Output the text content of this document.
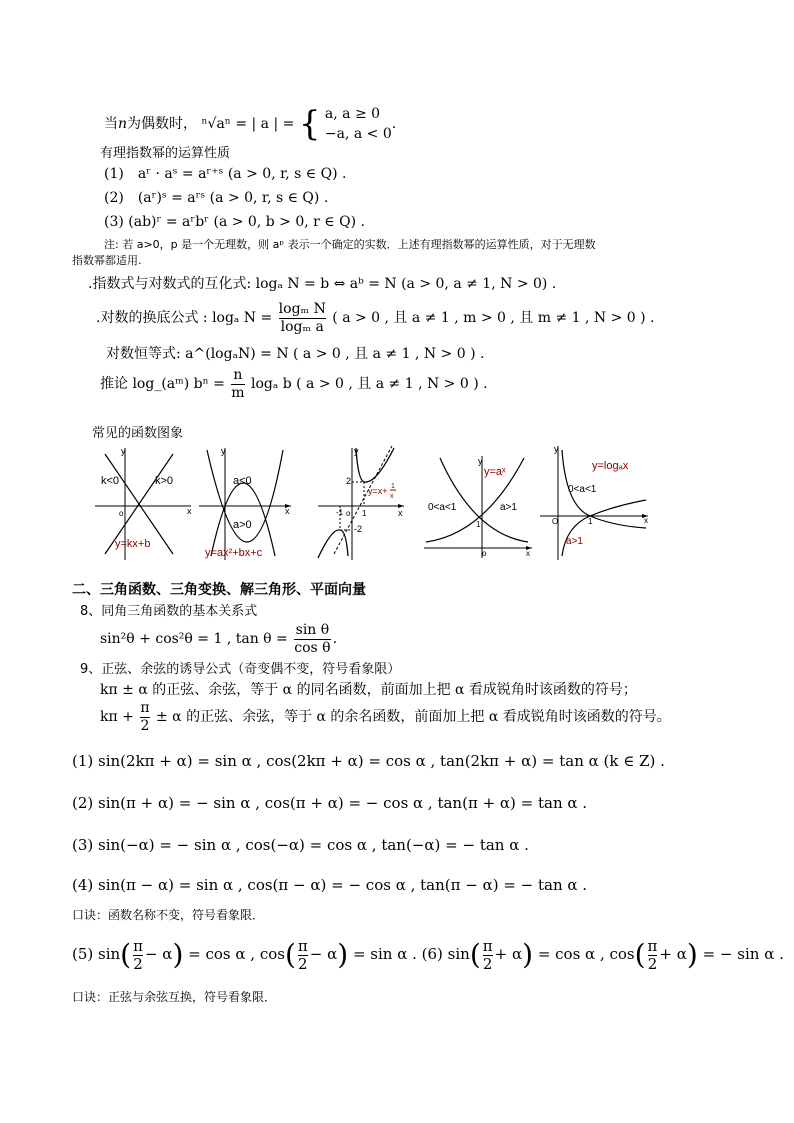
当n为偶数时， ⁿ√aⁿ = | a | = { a, a ≥ 0
−a, a < 0
.
有理指数幂的运算性质
(1)　aʳ · aˢ = aʳ⁺ˢ (a > 0, r, s ∈ Q) .
(2)　(aʳ)ˢ = aʳˢ (a > 0, r, s ∈ Q) .
(3) (ab)ʳ = aʳbʳ (a > 0, b > 0, r ∈ Q) .
注: 若 a>0，p 是一个无理数，则 aᵖ 表示一个确定的实数．上述有理指数幂的运算性质，对于无理数
指数幂都适用.
.指数式与对数式的互化式: logₐ N = b ⇔ aᵇ = N (a > 0, a ≠ 1, N > 0) .
.对数的换底公式 : logₐ $N = \frac{\text{logₘ N}}{\text{logₘ a}}$ ( a > 0 , 且 a ≠ 1 , m > 0 , 且 m ≠ 1 , N > 0 ) .
对数恒等式: a^(logₐN) = N ( a > 0 , 且 a ≠ 1 , N > 0 ) .
推论 log_(aᵐ) $b^n = \frac{n}{m}$ logₐ b ( a > 0 , 且 a ≠ 1 , N > 0 ) .
常见的函数图象
y
x
o
k<0	k>0
y=kx+b
y
x
a<0
a>0
y=ax²+bx+c
y
x
2
-2
-1 1
o
y=x+ 1
x
y
x
o
y=aˣ
0<a<1	a>1
1
y
x
O	1
y=logₐx
0<a<1
a>1
二、三角函数、三角变换、解三角形、平面向量
8、同角三角函数的基本关系式
sin²θ + cos²θ = 1 , $\tan \theta = \frac{\text{sin θ}}{\text{cos θ}}$ .
9、正弦、余弦的诱导公式（奇变偶不变，符号看象限）
kπ ± α 的正弦、余弦，等于 α 的同名函数，前面加上把 α 看成锐角时该函数的符号；
$k\pi + \frac{\pi}{2} \pm \alpha$ 的正弦、余弦，等于 α 的余名函数，前面加上把 α 看成锐角时该函数的符号。
(1) sin(2kπ + α) = sin α , cos(2kπ + α) = cos α , tan(2kπ + α) = tan α (k ∈ Z) .
(2) sin(π + α) = − sin α , cos(π + α) = − cos α , tan(π + α) = tan α .
(3) sin(−α) = − sin α , cos(−α) = cos α , tan(−α) = − tan α .
(4) sin(π − α) = sin α , cos(π − α) = − cos α , tan(π − α) = − tan α .
口诀：函数名称不变，符号看象限．
(5) $\sin( \frac{\pi}{2} - \alpha) = \cos \alpha$ , $\cos( \frac{\pi}{2} - \alpha) = \sin \alpha$ . (6) $\sin( \frac{\pi}{2} + \alpha) = \cos \alpha$ , $\cos( \frac{\pi}{2} + \alpha)$ = − sin α .
口诀：正弦与余弦互换，符号看象限．
